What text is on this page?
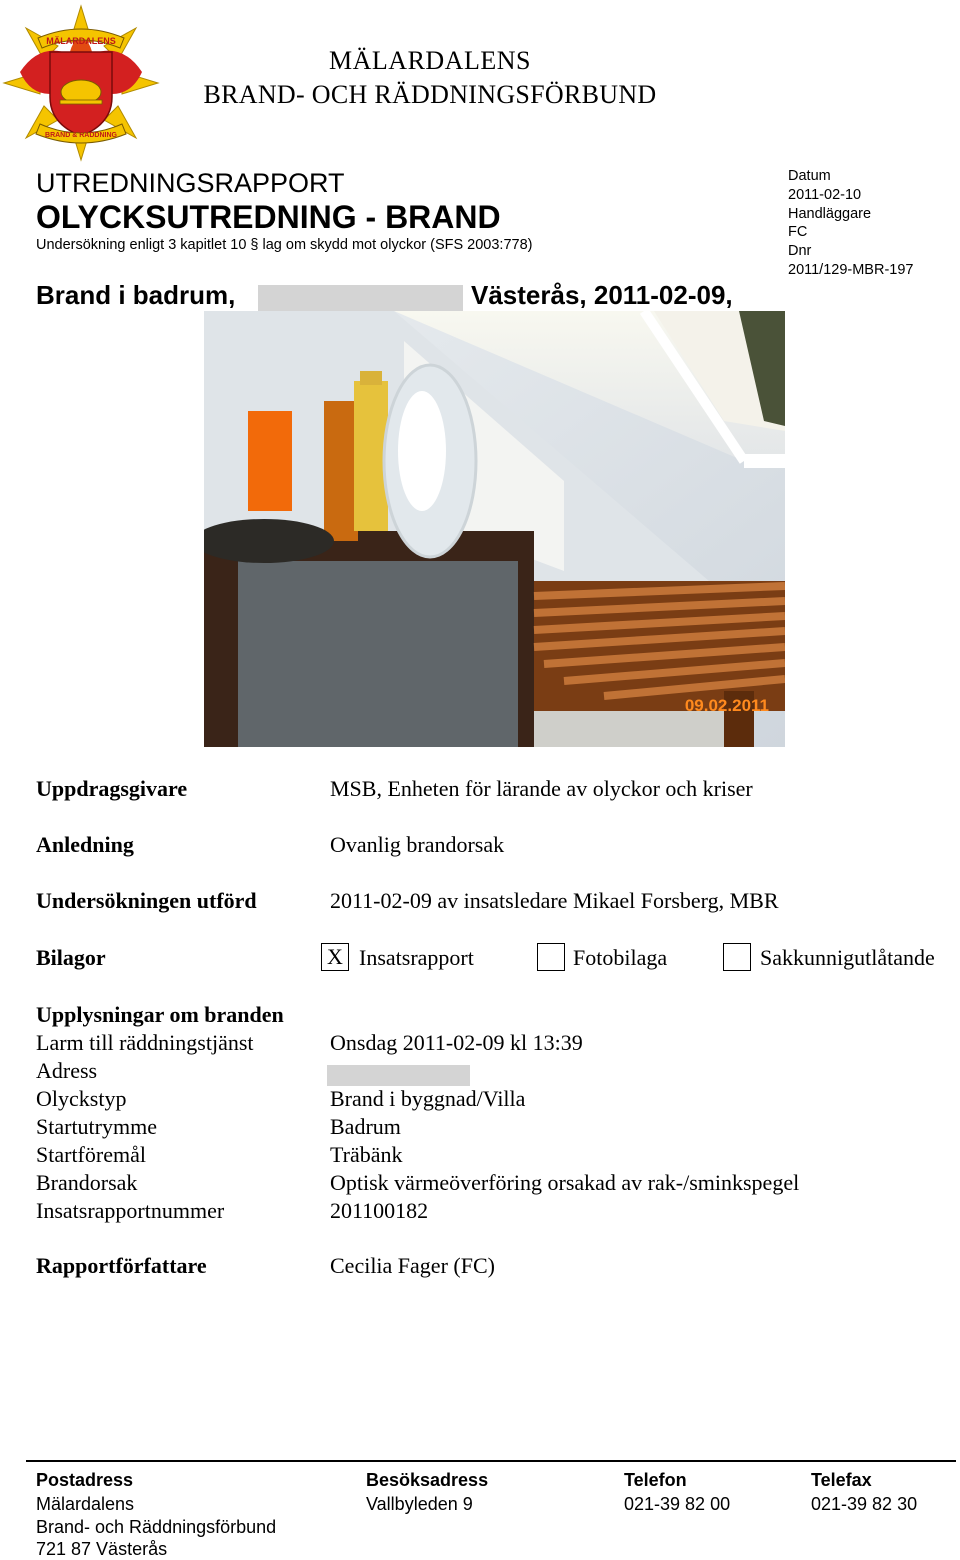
MÄLARDALENS
BRAND & RÄDDNING
MÄLARDALENS
BRAND- OCH RÄDDNINGSFÖRBUND
UTREDNINGSRAPPORT
OLYCKSUTREDNING - BRAND
Undersökning enligt 3 kapitlet 10 § lag om skydd mot olyckor (SFS 2003:778)
Brand i badrum,	Västerås, 2011-02-09,
Datum
2011-02-10
Handläggare
FC
Dnr
2011/129-MBR-197
09.02.2011
Uppdragsgivare	MSB, Enheten för lärande av olyckor och kriser
Anledning	Ovanlig brandorsak
Undersökningen utförd	2011-02-09 av insatsledare Mikael Forsberg, MBR
Bilagor	X Insatsrapport	Fotobilaga	Sakkunnigutlåtande
Upplysningar om branden
Larm till räddningstjänst	Onsdag 2011-02-09 kl 13:39
Adress
Olyckstyp	Brand i byggnad/Villa
Startutrymme	Badrum
Startföremål	Träbänk
Brandorsak	Optisk värmeöverföring orsakad av rak-/sminkspegel
Insatsrapportnummer	201100182
Rapportförfattare	Cecilia Fager (FC)
Postadress
Mälardalens
Brand- och Räddningsförbund
721 87 Västerås
Besöksadress
Vallbyleden 9
Telefon
021-39 82 00
Telefax
021-39 82 30
